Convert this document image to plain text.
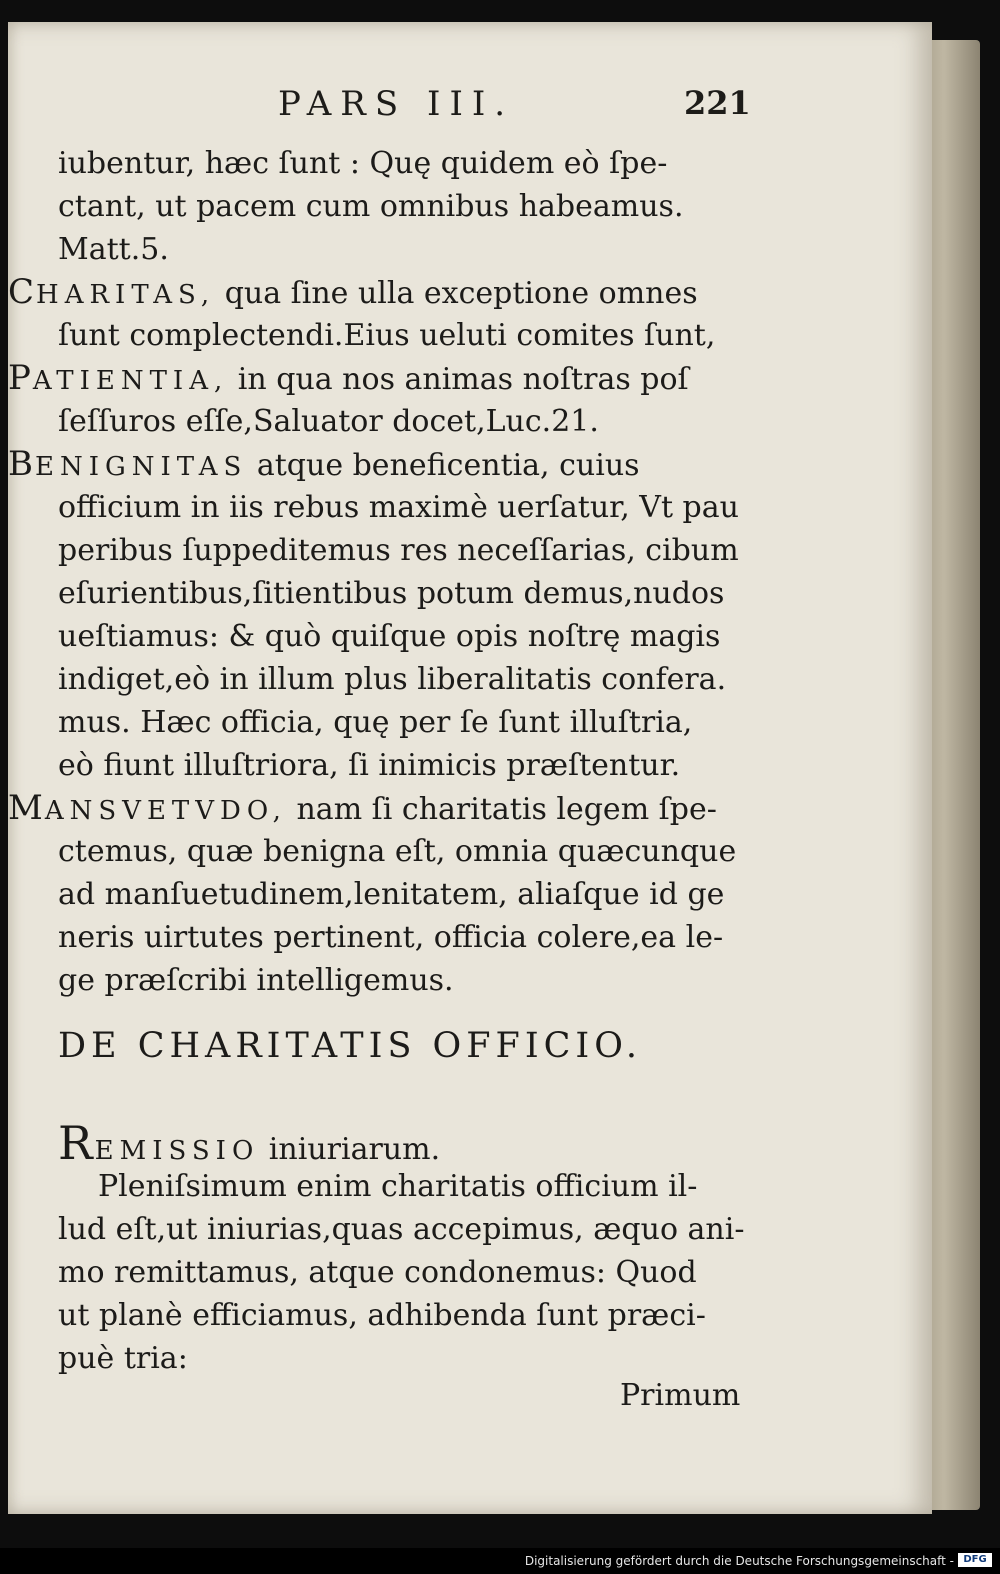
PARS III.	221
iubentur, hæc ſunt : Quę quidem eò ſpe-
ctant, ut pacem cum omnibus habeamus.
Matt.5.
CHARITAS, qua ſine ulla exceptione omnes
ſunt complectendi.Eius ueluti comites ſunt,
PATIENTIA, in qua nos animas noſtras poſ
ſeſſuros eſſe,Saluator docet,Luc.21.
BENIGNITAS atque beneficentia, cuius
officium in iis rebus maximè uerſatur, Vt pau
peribus ſuppeditemus res neceſſarias, cibum
eſurientibus,ſitientibus potum demus,nudos
ueſtiamus: & quò quiſque opis noſtrę magis
indiget,eò in illum plus liberalitatis confera.
mus. Hæc officia, quę per ſe ſunt illuſtria,
eò fiunt illuſtriora, ſi inimicis præſtentur.
MANSVETVDO, nam ſi charitatis legem ſpe-
ctemus, quæ benigna eſt, omnia quæcunque
ad manſuetudinem,lenitatem, aliaſque id ge
neris uirtutes pertinent, officia colere,ea le-
ge præſcribi intelligemus.
DE CHARITATIS OFFICIO.
REMISSIO iniuriarum.
Pleniſsimum enim charitatis officium il-
lud eſt,ut iniurias,quas accepimus, æquo ani-
mo remittamus, atque condonemus: Quod
ut planè efficiamus, adhibenda ſunt præci-
puè tria:
Primum
Digitalisierung gefördert durch die Deutsche Forschungsgemeinschaft - DFG
